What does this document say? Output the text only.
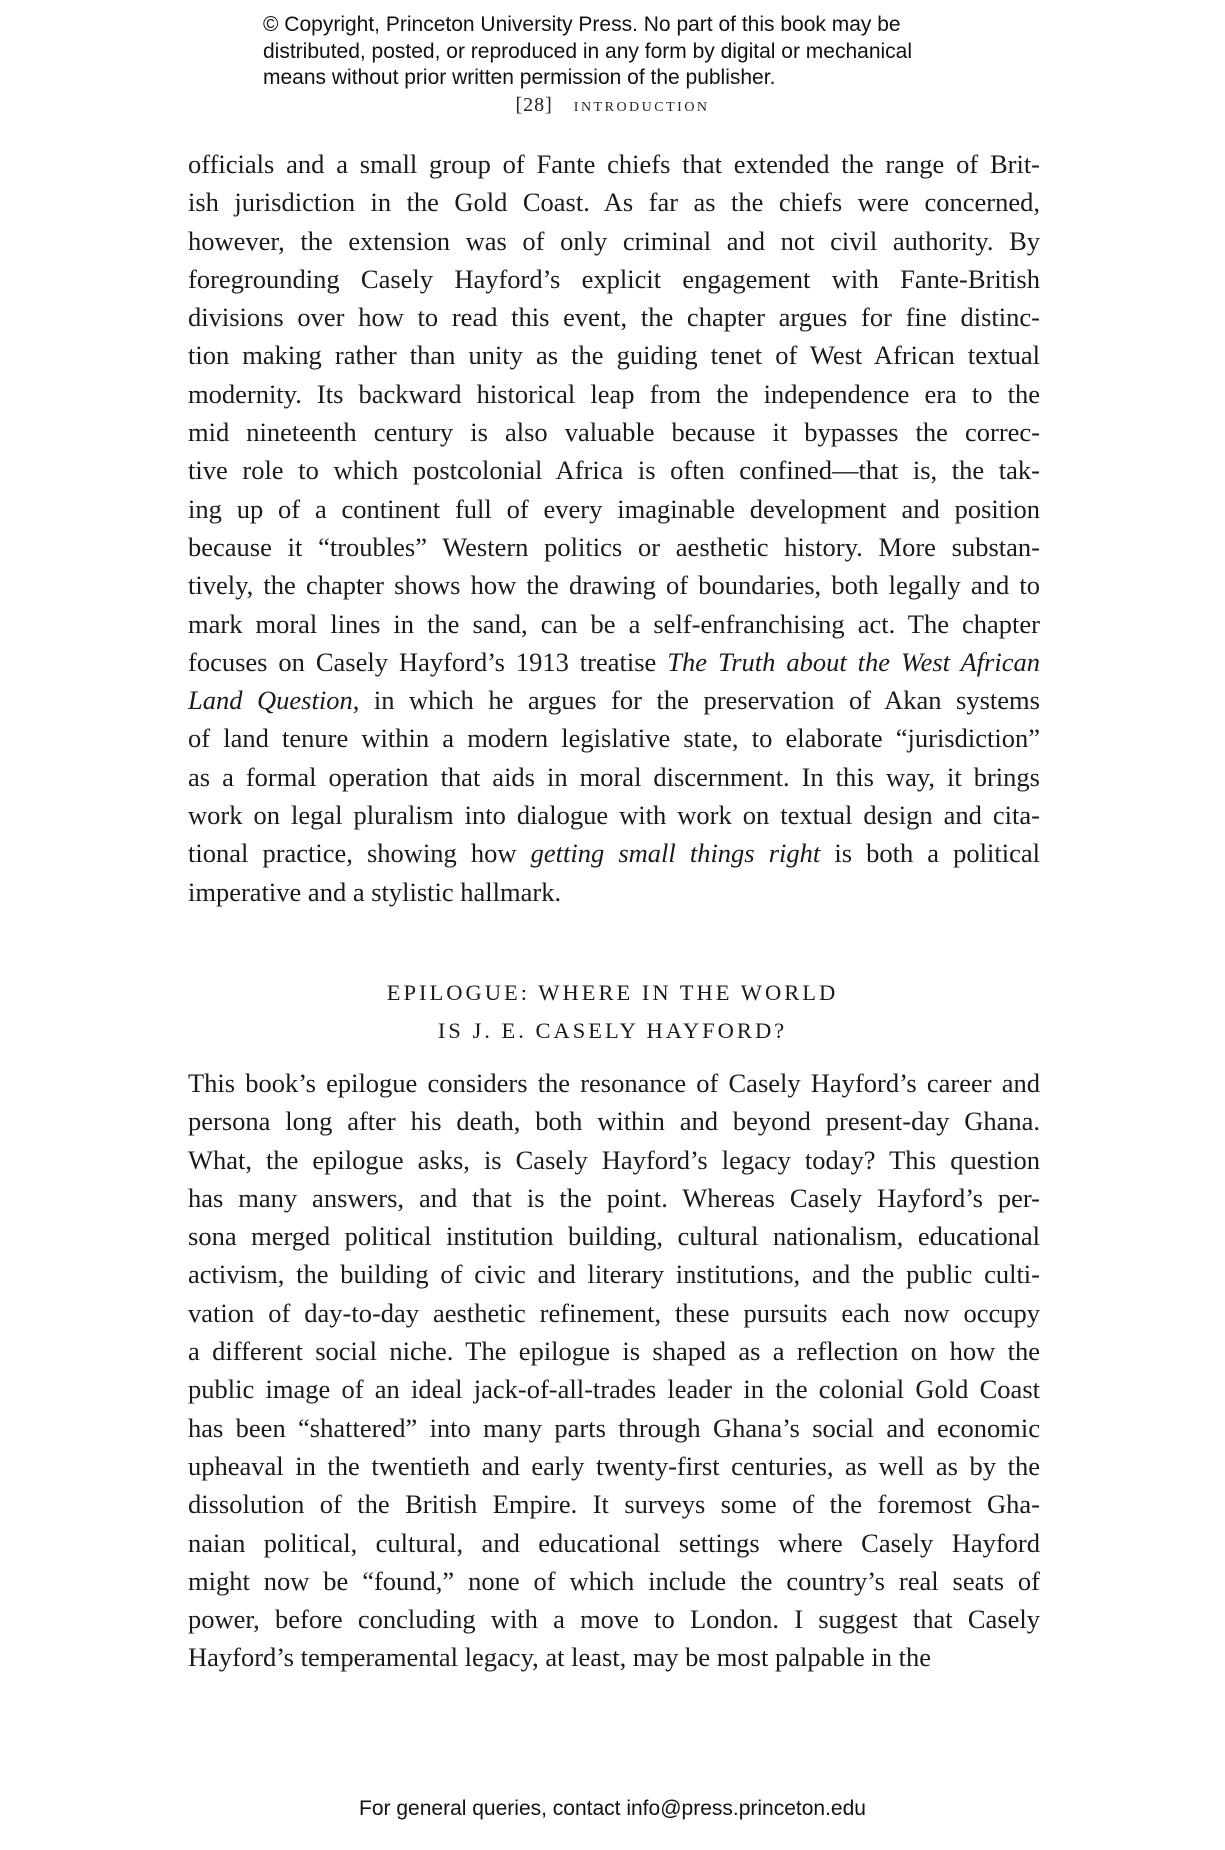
© Copyright, Princeton University Press. No part of this book may be
distributed, posted, or reproduced in any form by digital or mechanical
means without prior written permission of the publisher.
[28] introduction
officials and a small group of Fante chiefs that extended the range of Brit-
ish jurisdiction in the Gold Coast. As far as the chiefs were concerned,
however, the extension was of only criminal and not civil authority. By
foregrounding Casely Hayford’s explicit engagement with Fante-British
divisions over how to read this event, the chapter argues for fine distinc-
tion making rather than unity as the guiding tenet of West African textual
modernity. Its backward historical leap from the independence era to the
mid nineteenth century is also valuable because it bypasses the correc-
tive role to which postcolonial Africa is often confined—that is, the tak-
ing up of a continent full of every imaginable development and position
because it “troubles” Western politics or aesthetic history. More substan-
tively, the chapter shows how the drawing of boundaries, both legally and to
mark moral lines in the sand, can be a self-enfranchising act. The chapter
focuses on Casely Hayford’s 1913 treatise The Truth about the West African
Land Question, in which he argues for the preservation of Akan systems
of land tenure within a modern legislative state, to elaborate “jurisdiction”
as a formal operation that aids in moral discernment. In this way, it brings
work on legal pluralism into dialogue with work on textual design and cita-
tional practice, showing how getting small things right is both a political
imperative and a stylistic hallmark.
EPILOGUE: WHERE IN THE WORLD
IS J. E. CASELY HAYFORD?
This book’s epilogue considers the resonance of Casely Hayford’s career and
persona long after his death, both within and beyond present-day Ghana.
What, the epilogue asks, is Casely Hayford’s legacy today? This question
has many answers, and that is the point. Whereas Casely Hayford’s per-
sona merged political institution building, cultural nationalism, educational
activism, the building of civic and literary institutions, and the public culti-
vation of day-to-day aesthetic refinement, these pursuits each now occupy
a different social niche. The epilogue is shaped as a reflection on how the
public image of an ideal jack-of-all-trades leader in the colonial Gold Coast
has been “shattered” into many parts through Ghana’s social and economic
upheaval in the twentieth and early twenty-first centuries, as well as by the
dissolution of the British Empire. It surveys some of the foremost Gha-
naian political, cultural, and educational settings where Casely Hayford
might now be “found,” none of which include the country’s real seats of
power, before concluding with a move to London. I suggest that Casely
Hayford’s temperamental legacy, at least, may be most palpable in the
For general queries, contact info@press.princeton.edu
